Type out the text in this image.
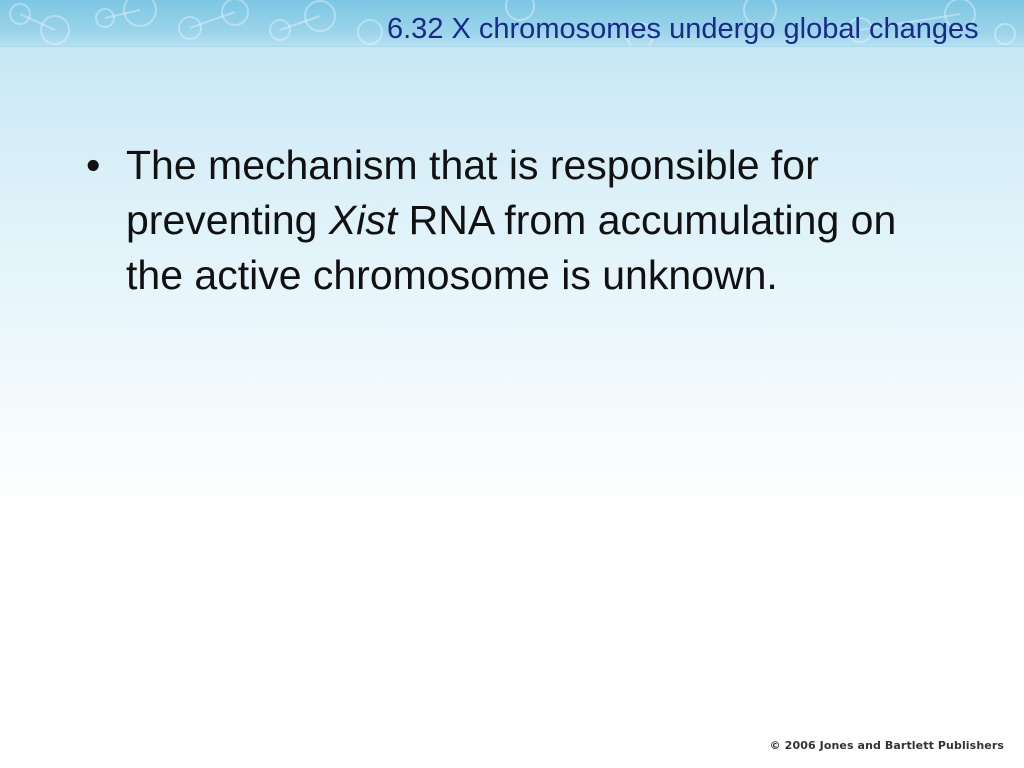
6.32 X chromosomes undergo global changes
• The mechanism that is responsible for preventing Xist RNA from accumulating on the active chromosome is unknown.
© 2006 Jones and Bartlett Publishers
